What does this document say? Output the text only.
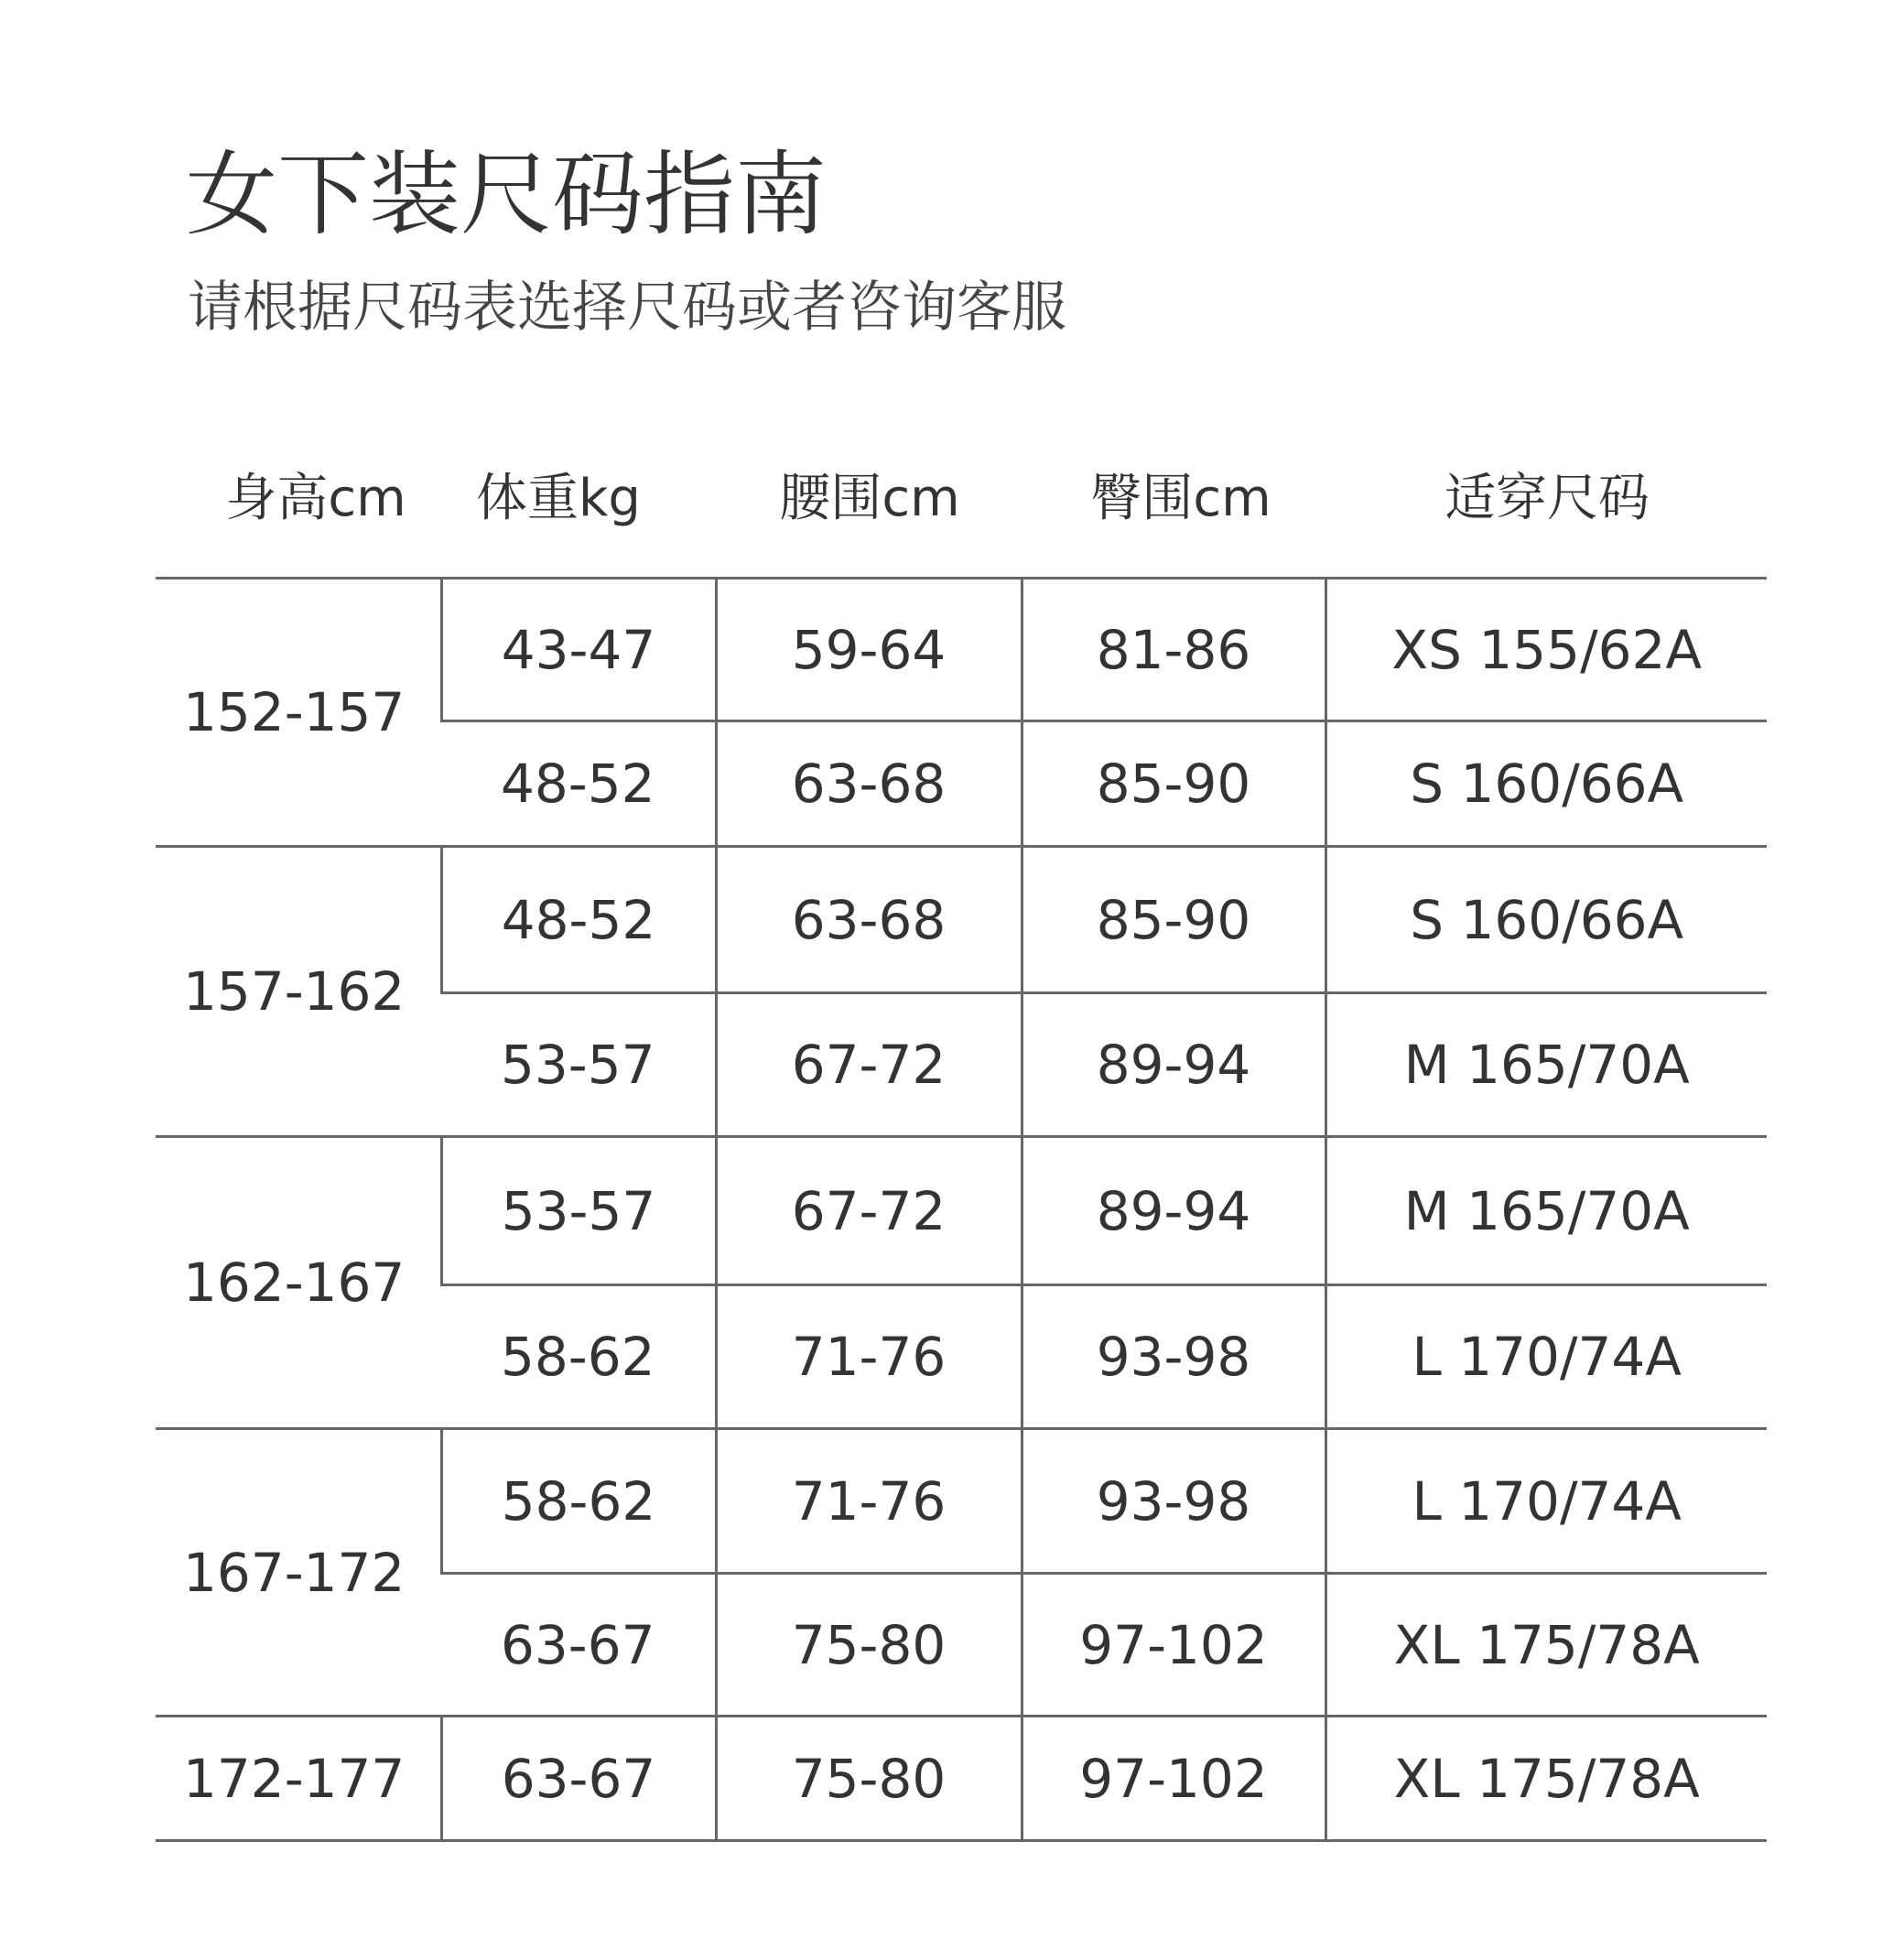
女下装尺码指南
请根据尺码表选择尺码或者咨询客服
身高cm	体重kg	腰围cm	臀围cm	适穿尺码
152-157	43-47	59-64	81-86	XS 155/62A
	48-52	63-68	85-90	S 160/66A
157-162	48-52	63-68	85-90	S 160/66A
	53-57	67-72	89-94	M 165/70A
162-167	53-57	67-72	89-94	M 165/70A
	58-62	71-76	93-98	L 170/74A
167-172	58-62	71-76	93-98	L 170/74A
	63-67	75-80	97-102	XL 175/78A
172-177	63-67	75-80	97-102	XL 175/78A
